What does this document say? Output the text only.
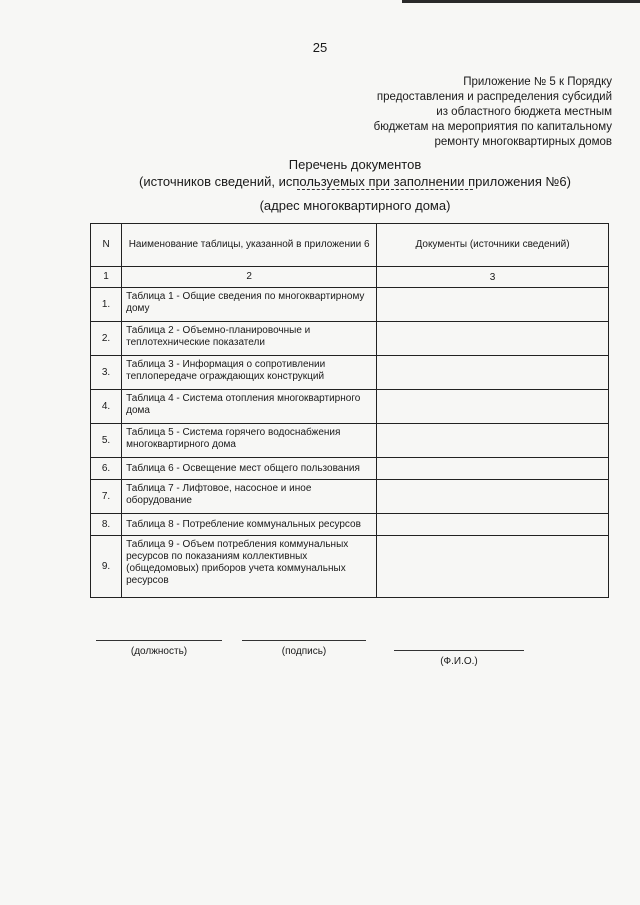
25
Приложение № 5 к Порядку
предоставления и распределения субсидий
из областного бюджета местным
бюджетам на мероприятия по капитальному
ремонту многоквартирных домов
Перечень документов
(источников сведений, используемых при заполнении приложения №6)
(адрес многоквартирного дома)
N	Наименование таблицы, указанной в приложении 6	Документы (источники сведений)
1	2	3
1.	Таблица 1 - Общие сведения по многоквартирному дому	
2.	Таблица 2 - Объемно-планировочные и теплотехнические показатели	
3.	Таблица 3 - Информация о сопротивлении теплопередаче ограждающих конструкций	
4.	Таблица 4 - Система отопления многоквартирного дома	
5.	Таблица 5 - Система горячего водоснабжения многоквартирного дома	
6.	Таблица 6 - Освещение мест общего пользования	
7.	Таблица 7 - Лифтовое, насосное и иное оборудование	
8.	Таблица 8 - Потребление коммунальных ресурсов	
9.	Таблица 9 - Объем потребления коммунальных ресурсов по показаниям коллективных (общедомовых) приборов учета коммунальных ресурсов	
(должность)	(подпись)
(Ф.И.О.)
